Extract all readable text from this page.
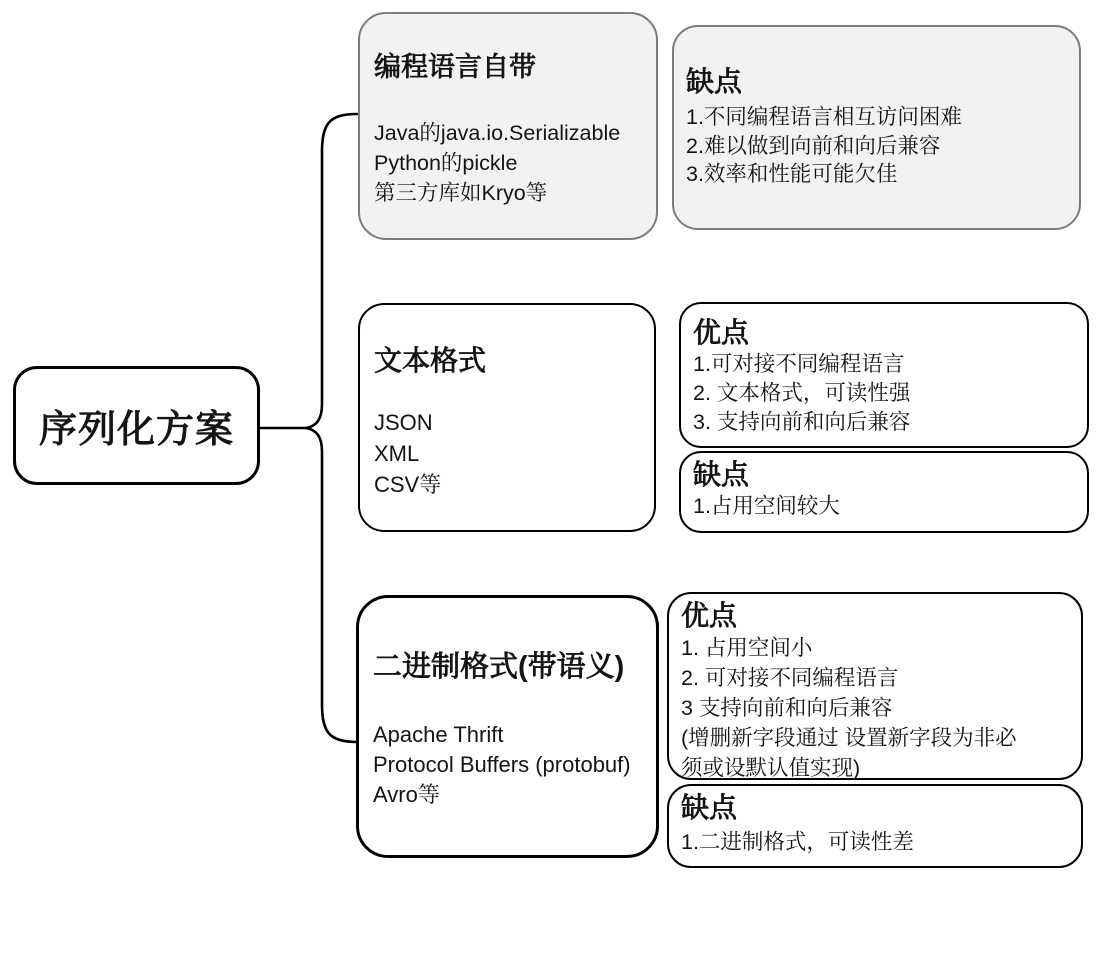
序列化方案
编程语言自带
Java的java.io.Serializable
Python的pickle
第三方库如Kryo等
缺点
1.不同编程语言相互访问困难
2.难以做到向前和向后兼容
3.效率和性能可能欠佳
文本格式
JSON
XML
CSV等
优点
1.可对接不同编程语言
2. 文本格式，可读性强
3. 支持向前和向后兼容
缺点
1.占用空间较大
二进制格式(带语义)
Apache Thrift
Protocol Buffers (protobuf)
Avro等
优点
1. 占用空间小
2. 可对接不同编程语言
3 支持向前和向后兼容
(增删新字段通过 设置新字段为非必
须或设默认值实现)
缺点
1.二进制格式，可读性差
